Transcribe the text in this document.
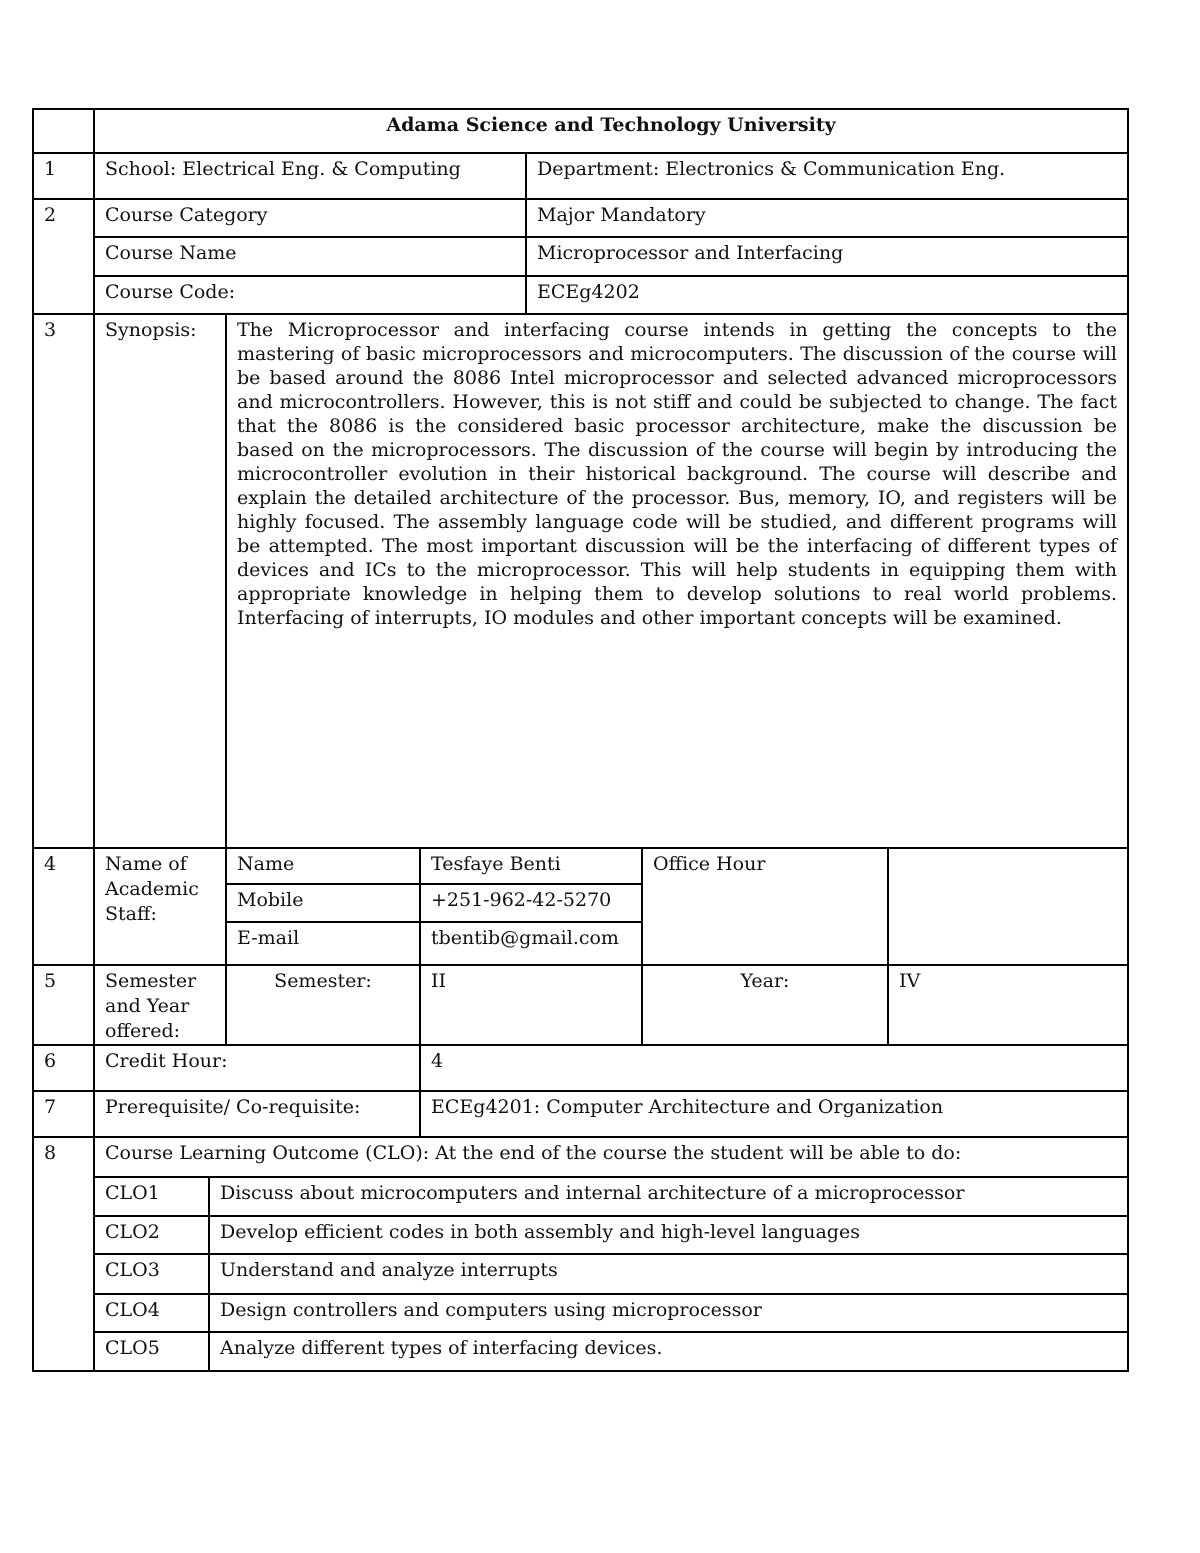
	Adama Science and Technology University						
1	School: Electrical Eng. & Computing				Department: Electronics & Communication Eng.		
2	Course Category				Major Mandatory		
	Course Name				Microprocessor and Interfacing		
	Course Code:				ECEg4202		
3	Synopsis:		The Microprocessor and interfacing course intends in getting the concepts to the mastering of basic microprocessors and microcomputers. The discussion of the course will be based around the 8086 Intel microprocessor and selected advanced microprocessors and microcontrollers. However, this is not stiff and could be subjected to change. The fact that the 8086 is the considered basic processor architecture, make the discussion be based on the microprocessors. The discussion of the course will begin by introducing the microcontroller evolution in their historical background. The course will describe and explain the detailed architecture of the processor. Bus, memory, IO, and registers will be highly focused. The assembly language code will be studied, and different programs will be attempted. The most important discussion will be the interfacing of different types of devices and ICs to the microprocessor. This will help students in equipping them with appropriate knowledge in helping them to develop solutions to real world problems. Interfacing of interrupts, IO modules and other important concepts will be examined.				
4	Name of
Academic
Staff:		Name	Tesfaye Benti		Office Hour	
			Mobile	+251-962-42-5270			
			E-mail	tbentib@gmail.com			
5	Semester
and Year
offered:		Semester:	II		Year:	IV
6	Credit Hour:			4			
7	Prerequisite/ Co-requisite:			ECEg4201: Computer Architecture and Organization			
8	Course Learning Outcome (CLO): At the end of the course the student will be able to do:						
	CLO1	Discuss about microcomputers and internal architecture of a microprocessor					
	CLO2	Develop efficient codes in both assembly and high-level languages					
	CLO3	Understand and analyze interrupts					
	CLO4	Design controllers and computers using microprocessor					
	CLO5	Analyze different types of interfacing devices.					
